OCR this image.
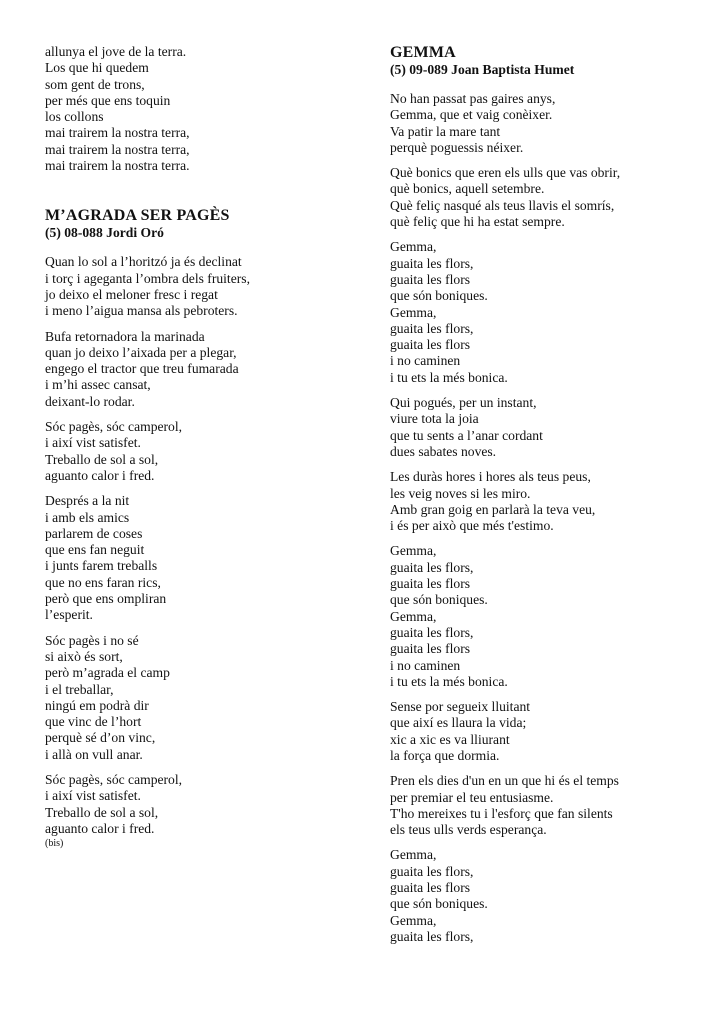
allunya el jove de la terra.
Los que hi quedem
som gent de trons,
per més que ens toquin
los collons
mai trairem la nostra terra,
mai trairem la nostra terra,
mai trairem la nostra terra.
M’AGRADA SER PAGÈS
(5) 08-088 Jordi Oró
Quan lo sol a l’horitzó ja és declinat
i torç i ageganta l’ombra dels fruiters,
jo deixo el meloner fresc i regat
i meno l’aigua mansa als pebroters.
Bufa retornadora la marinada
quan jo deixo l’aixada per a plegar,
engego el tractor que treu fumarada
i m’hi assec cansat,
deixant-lo rodar.
Sóc pagès, sóc camperol,
i així vist satisfet.
Treballo de sol a sol,
aguanto calor i fred.
Després a la nit
i amb els amics
parlarem de coses
que ens fan neguit
i junts farem treballs
que no ens faran rics,
però que ens ompliran
l’esperit.
Sóc pagès i no sé
si això és sort,
però m’agrada el camp
i el treballar,
ningú em podrà dir
que vinc de l’hort
perquè sé d’on vinc,
i allà on vull anar.
Sóc pagès, sóc camperol,
i així vist satisfet.
Treballo de sol a sol,
aguanto calor i fred.
(bis)
GEMMA
(5) 09-089 Joan Baptista Humet
No han passat pas gaires anys,
Gemma, que et vaig conèixer.
Va patir la mare tant
perquè poguessis néixer.
Què bonics que eren els ulls que vas obrir,
què bonics, aquell setembre.
Què feliç nasqué als teus llavis el somrís,
què feliç que hi ha estat sempre.
Gemma,
guaita les flors,
guaita les flors
que són boniques.
Gemma,
guaita les flors,
guaita les flors
i no caminen
i tu ets la més bonica.
Qui pogués, per un instant,
viure tota la joia
que tu sents a l’anar cordant
dues sabates noves.
Les duràs hores i hores als teus peus,
les veig noves si les miro.
Amb gran goig en parlarà la teva veu,
i és per això que més t'estimo.
Gemma,
guaita les flors,
guaita les flors
que són boniques.
Gemma,
guaita les flors,
guaita les flors
i no caminen
i tu ets la més bonica.
Sense por segueix lluitant
que així es llaura la vida;
xic a xic es va lliurant
la força que dormia.
Pren els dies d'un en un que hi és el temps
per premiar el teu entusiasme.
T'ho mereixes tu i l'esforç que fan silents
els teus ulls verds esperança.
Gemma,
guaita les flors,
guaita les flors
que són boniques.
Gemma,
guaita les flors,
